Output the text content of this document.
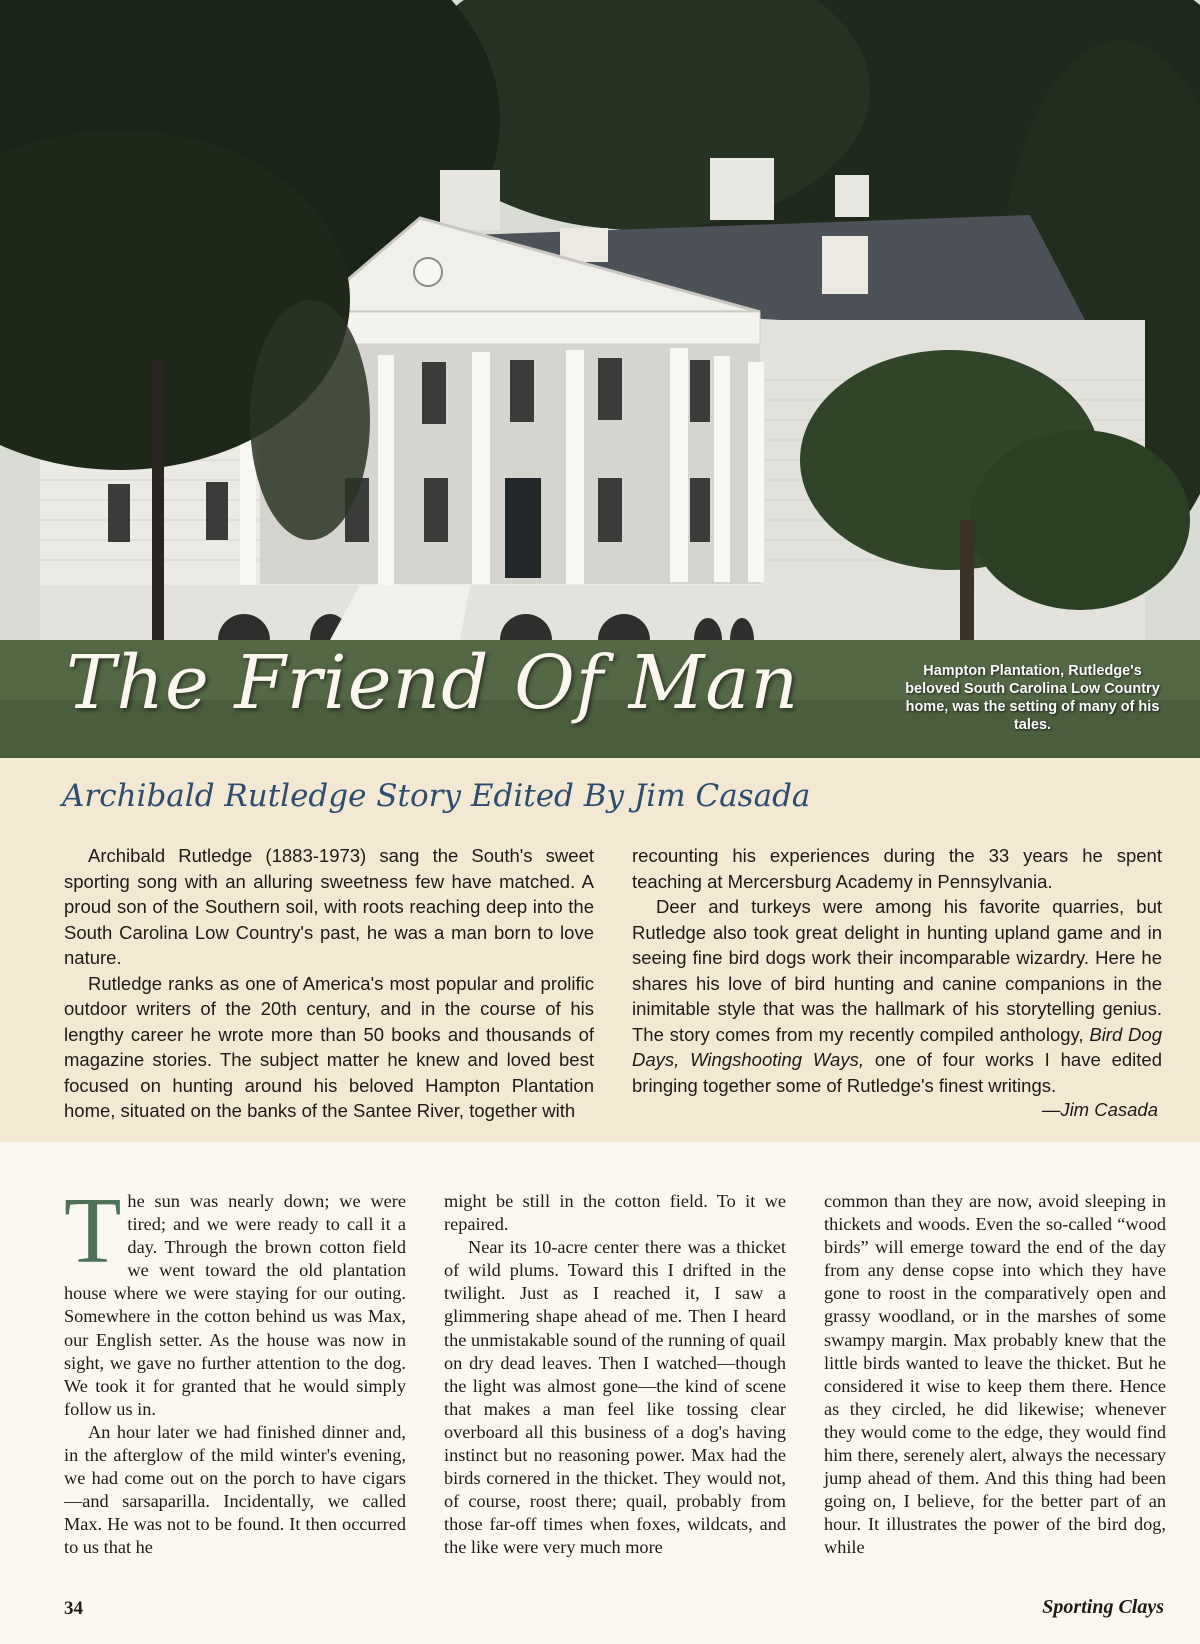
The Friend Of Man	Hampton Plantation, Rutledge's beloved South Carolina Low Country home, was the setting of many of his tales.
Archibald Rutledge Story Edited By Jim Casada

Archibald Rutledge (1883-1973) sang the South's sweet sporting song with an alluring sweetness few have matched. A proud son of the Southern soil, with roots reaching deep into the South Carolina Low Country's past, he was a man born to love nature.

Rutledge ranks as one of America's most popular and prolific outdoor writers of the 20th century, and in the course of his lengthy career he wrote more than 50 books and thousands of magazine stories. The subject matter he knew and loved best focused on hunting around his beloved Hampton Plantation home, situated on the banks of the Santee River, together with

recounting his experiences during the 33 years he spent teaching at Mercersburg Academy in Pennsylvania.

Deer and turkeys were among his favorite quarries, but Rutledge also took great delight in hunting upland game and in seeing fine bird dogs work their incomparable wizardry. Here he shares his love of bird hunting and canine companions in the inimitable style that was the hallmark of his storytelling genius. The story comes from my recently compiled anthology, Bird Dog Days, Wingshooting Ways, one of four works I have edited bringing together some of Rutledge's finest writings.

—Jim Casada

The sun was nearly down; we were tired; and we were ready to call it a day. Through the brown cotton field we went toward the old plantation house where we were staying for our outing. Somewhere in the cotton behind us was Max, our English setter. As the house was now in sight, we gave no further attention to the dog. We took it for granted that he would simply follow us in.

An hour later we had finished dinner and, in the afterglow of the mild winter's evening, we had come out on the porch to have cigars—and sarsaparilla. Incidentally, we called Max. He was not to be found. It then occurred to us that he

might be still in the cotton field. To it we repaired.

Near its 10-acre center there was a thicket of wild plums. Toward this I drifted in the twilight. Just as I reached it, I saw a glimmering shape ahead of me. Then I heard the unmistakable sound of the running of quail on dry dead leaves. Then I watched—though the light was almost gone—the kind of scene that makes a man feel like tossing clear overboard all this business of a dog's having instinct but no reasoning power. Max had the birds cornered in the thicket. They would not, of course, roost there; quail, probably from those far-off times when foxes, wildcats, and the like were very much more

common than they are now, avoid sleeping in thickets and woods. Even the so-called “wood birds” will emerge toward the end of the day from any dense copse into which they have gone to roost in the comparatively open and grassy woodland, or in the marshes of some swampy margin. Max probably knew that the little birds wanted to leave the thicket. But he considered it wise to keep them there. Hence as they circled, he did likewise; whenever they would come to the edge, they would find him there, serenely alert, always the necessary jump ahead of them. And this thing had been going on, I believe, for the better part of an hour. It illustrates the power of the bird dog, while

34	Sporting Clays
